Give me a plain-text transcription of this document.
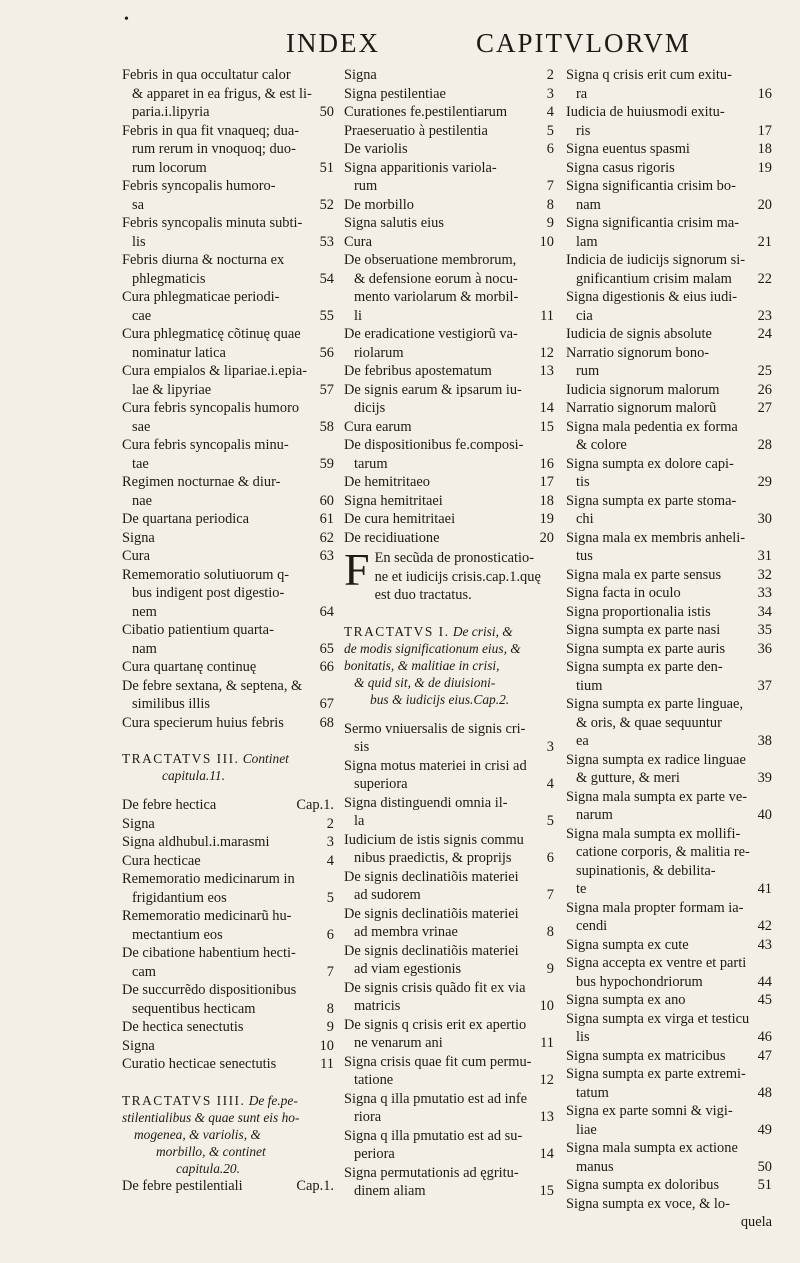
•
INDEX	CAPITVLORVM
Febris in qua occultatur calor
& apparet in ea frigus, & est li-
paria.i.lipyria	50
Febris in qua fit vnaqueq; dua-
rum rerum in vnoquoq; duo-
rum locorum	51
Febris syncopalis humoro-
sa	52
Febris syncopalis minuta subti-
lis	53
Febris diurna & nocturna ex
phlegmaticis	54
Cura phlegmaticae periodi-
cae	55
Cura phlegmaticę cõtinuę quae
nominatur latica	56
Cura empialos & lipariae.i.epia-
lae & lipyriae	57
Cura febris syncopalis humoro
sae	58
Cura febris syncopalis minu-
tae	59
Regimen nocturnae & diur-
nae	60
De quartana periodica	61
Signa	62
Cura	63
Rememoratio solutiuorum q-
bus indigent post digestio-
nem	64
Cibatio patientium quarta-
nam	65
Cura quartanę continuę	66
De febre sextana, & septena, &
similibus illis	67
Cura specierum huius febris 68
TRACTATVS III. Continet
capitula.11.
De febre hectica	Cap.1.
Signa	2
Signa aldhubul.i.marasmi	3
Cura hecticae	4
Rememoratio medicinarum in
frigidantium eos	5
Rememoratio medicinarũ hu-
mectantium eos	6
De cibatione habentium hecti-
cam	7
De succurrẽdo dispositionibus
sequentibus hecticam	8
De hectica senectutis	9
Signa	10
Curatio hecticae senectutis	11
TRACTATVS IIII. De fe.pe-
stilentialibus & quae sunt eis ho-
mogenea, & variolis, &
morbillo, & continet
capitula.20.
De febre pestilentiali	Cap.1.
Signa	2
Signa pestilentiae	3
Curationes fe.pestilentiarum	4
Praeseruatio à pestilentia	5
De variolis	6
Signa apparitionis variola-
rum	7
De morbillo	8
Signa salutis eius	9
Cura	10
De obseruatione membrorum,
& defensione eorum à nocu-
mento variolarum & morbil-
li	11
De eradicatione vestigiorũ va-
riolarum	12
De febribus apostematum	13
De signis earum & ipsarum iu-
dicijs	14
Cura earum	15
De dispositionibus fe.composi-
tarum	16
De hemitritaeo	17
Signa hemitritaei	18
De cura hemitritaei	19
De recidiuatione	20
F En secũda de pronosticatio-
ne et iudicijs crisis.cap.1.quę
est duo tractatus.
TRACTATVS I. De crisi, &
de modis significationum eius, &
bonitatis, & malitiae in crisi,
& quid sit, & de diuisioni-
bus & iudicijs eius.Cap.2.
Sermo vniuersalis de signis cri-
sis	3
Signa motus materiei in crisi ad
superiora	4
Signa distinguendi omnia il-
la	5
Iudicium de istis signis commu
nibus praedictis, & proprijs 6
De signis declinatiõis materiei
ad sudorem	7
De signis declinatiõis materiei
ad membra vrinae	8
De signis declinatiõis materiei
ad viam egestionis	9
De signis crisis quãdo fit ex via
matricis	10
De signis q crisis erit ex apertio
ne venarum ani	11
Signa crisis quae fit cum permu-
tatione	12
Signa q illa pmutatio est ad infe
riora	13
Signa q illa pmutatio est ad su-
periora	14
Signa permutationis ad ęgritu-
dinem aliam	15
Signa q crisis erit cum exitu-
ra	16
Iudicia de huiusmodi exitu-
ris	17
Signa euentus spasmi	18
Signa casus rigoris	19
Signa significantia crisim bo-
nam	20
Signa significantia crisim ma-
lam	21
Indicia de iudicijs signorum si-
gnificantium crisim malam 22
Signa digestionis & eius iudi-
cia	23
Iudicia de signis absolute	24
Narratio signorum bono-
rum	25
Iudicia signorum malorum	26
Narratio signorum malorũ	27
Signa mala pedentia ex forma
& colore	28
Signa sumpta ex dolore capi-
tis	29
Signa sumpta ex parte stoma-
chi	30
Signa mala ex membris anheli-
tus	31
Signa mala ex parte sensus	32
Signa facta in oculo	33
Signa proportionalia istis	34
Signa sumpta ex parte nasi	35
Signa sumpta ex parte auris 36
Signa sumpta ex parte den-
tium	37
Signa sumpta ex parte linguae,
& oris, & quae sequuntur
ea	38
Signa sumpta ex radice linguae
& gutture, & meri	39
Signa mala sumpta ex parte ve-
narum	40
Signa mala sumpta ex mollifi-
catione corporis, & malitia re-
supinationis, & debilita-
te	41
Signa mala propter formam ia-
cendi	42
Signa sumpta ex cute	43
Signa accepta ex ventre et parti
bus hypochondriorum	44
Signa sumpta ex ano	45
Signa sumpta ex virga et testicu
lis	46
Signa sumpta ex matricibus 47
Signa sumpta ex parte extremi-
tatum	48
Signa ex parte somni & vigi-
liae	49
Signa mala sumpta ex actione
manus	50
Signa sumpta ex doloribus	51
Signa sumpta ex voce, & lo-
quela
